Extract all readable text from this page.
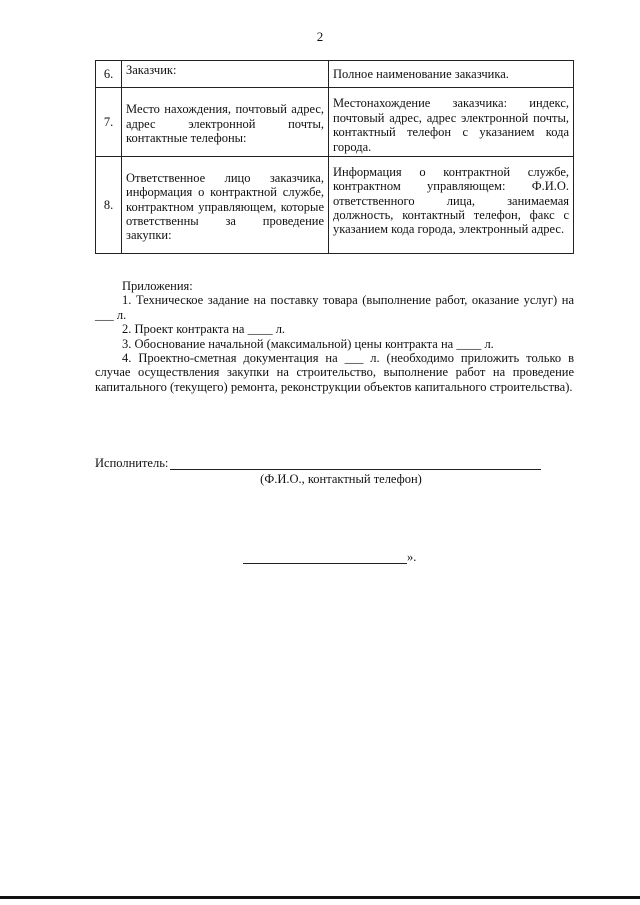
2
6.	Заказчик:	Полное наименование заказчика.
7.	Место нахождения, почтовый адрес, адрес электронной почты, контактные телефоны:	Местонахождение заказчика: индекс, почтовый адрес, адрес электронной почты, контактный телефон с указанием кода города.
8.	Ответственное лицо заказчика, информация о контрактной службе, контрактном управляющем, которые ответственны за проведение закупки:	Информация о контрактной службе, контрактном управляющем: Ф.И.О. ответственного лица, занимаемая должность, контактный телефон, факс с указанием кода города, электронный адрес.

Приложения:

1. Техническое задание на поставку товара (выполнение работ, оказание услуг) на ___ л.

2. Проект контракта на ____ л.

3. Обоснование начальной (максимальной) цены контракта на ____ л.

4. Проектно-сметная документация на ___ л. (необходимо приложить только в случае осуществления закупки на строительство, выполнение работ на проведение капитального (текущего) ремонта, реконструкции объектов капитального строительства).

Исполнитель:
(Ф.И.О., контактный телефон)
».
